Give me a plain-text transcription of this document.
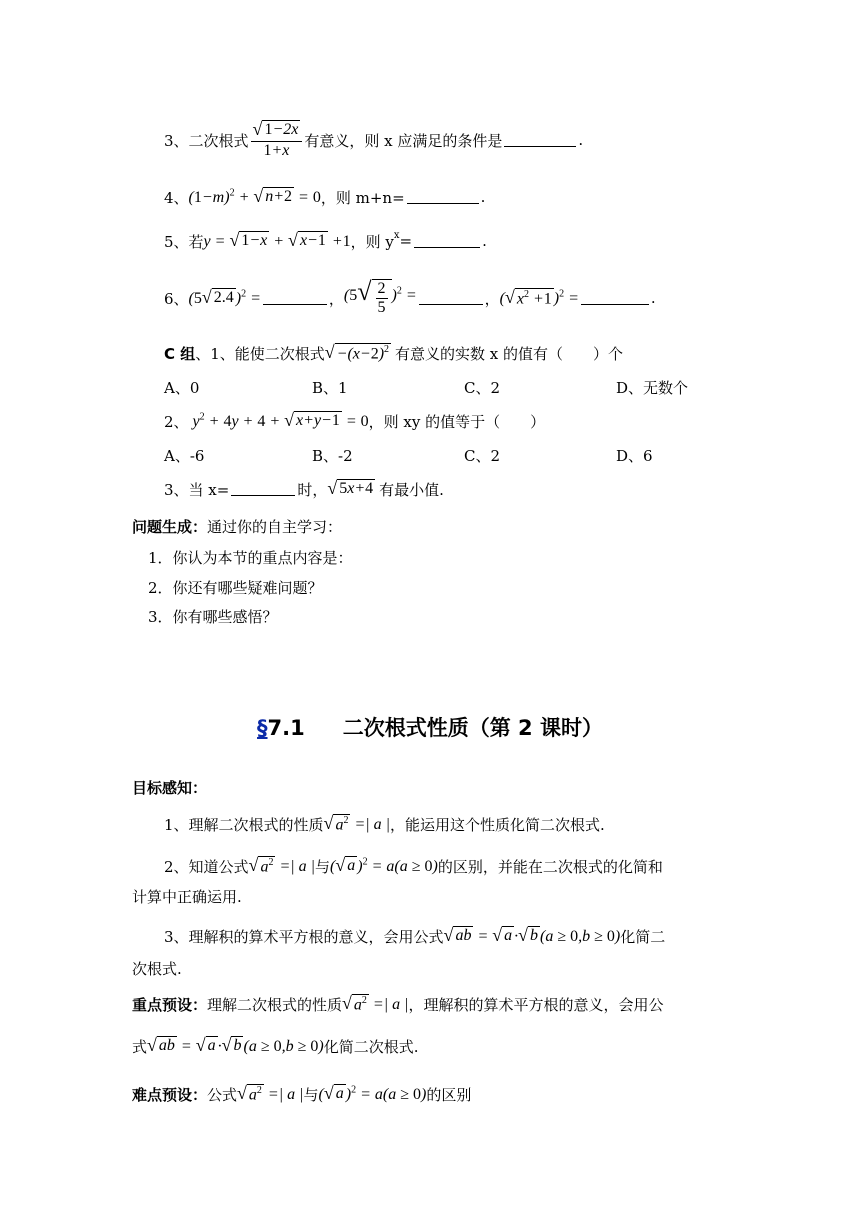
3、二次根式 $\frac{√ 1-2x}{1+x}$ 有意义，则 x 应满足的条件是	.
4、 $(1-m)^2$ + √ n+2 = 0 ，则 m+n=	.
5、若 y = √ 1−x + √ x−1 +1 ，则 $y^x$ =	.
6、 (5 √ 2.4 )$^2$ =	， (5 √ $\frac{2}{5} )^2$ =	， ( √ $x^2 +1$ )$^2$ =	.
C 组 、1、能使二次根式 √ $-(x-2)^2$ 有意义的实数 x 的值有（　　）个
A、0	B、1	C、2	D、无数个
2、 $y^2 + 4y + 4$ + √ x+y−1 = 0 ，则 xy 的值等于（　　）
A、-6	B、-2	C、2	D、6
3、当 x=	时， √ 5x+4 有最小值.
问题生成： 通过你的自主学习：
1．你认为本节的重点内容是：
2．你还有哪些疑难问题？
3．你有哪些感悟？
§7.1 二次根式性质（第 2 课时）
目标感知：
1、理解二次根式的性质 √ $a^2$ =| a | ，能运用这个性质化简二次根式.
2、知道公式 √ $a^2$ =| a | 与 ( √ a )$^2$ = a(a ≥ 0) 的区别，并能在二次根式的化简和
计算中正确运用.
3、理解积的算术平方根的意义，会用公式 √ ab = √ a · √ b (a ≥ 0,b ≥ 0) 化简二
次根式.
重点预设： 理解二次根式的性质 √ $a^2$ =| a | ，理解积的算术平方根的意义，会用公
式 √ ab = √ a · √ b (a ≥ 0,b ≥ 0) 化简二次根式.
难点预设： 公式 √ $a^2$ =| a | 与 ( √ a )$^2$ = a(a ≥ 0) 的区别
